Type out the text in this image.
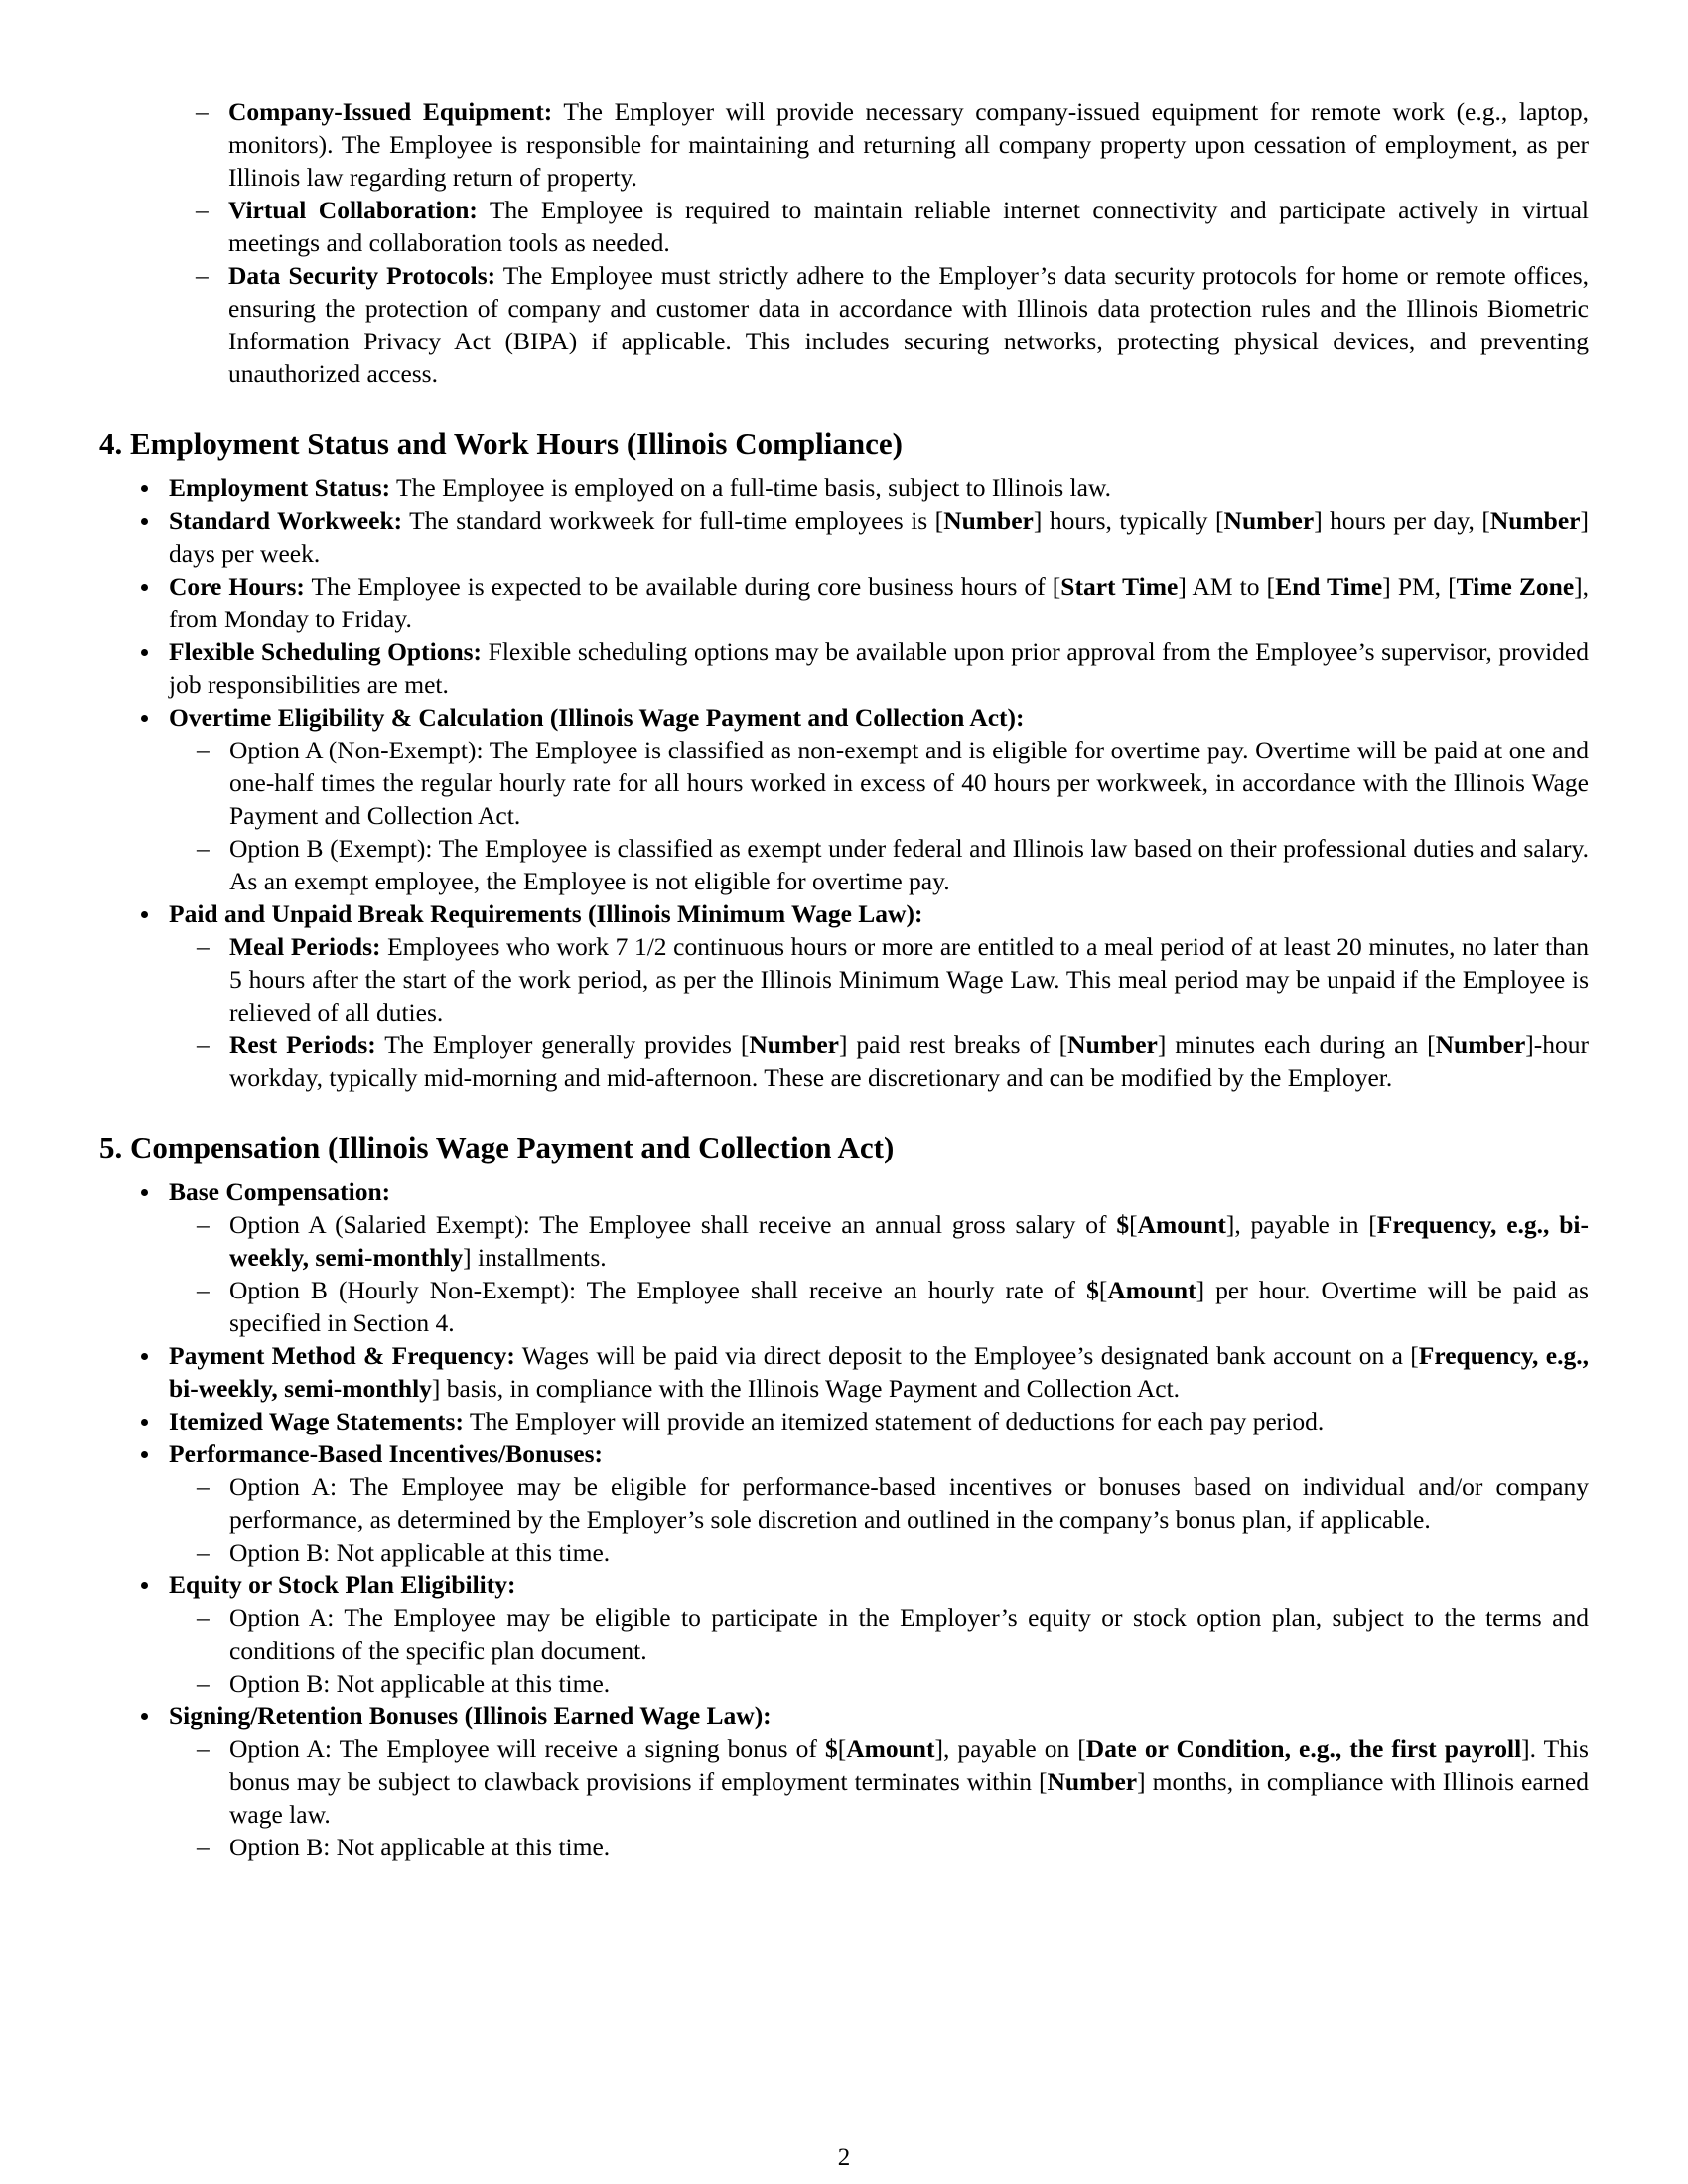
– Company-Issued Equipment: The Employer will provide necessary company-issued equipment for remote work (e.g., laptop, monitors). The Employee is responsible for maintaining and returning all company property upon cessation of employment, as per Illinois law regarding return of property.
– Virtual Collaboration: The Employee is required to maintain reliable internet connectivity and participate actively in virtual meetings and collaboration tools as needed.
– Data Security Protocols: The Employee must strictly adhere to the Employer’s data security protocols for home or remote offices, ensuring the protection of company and customer data in accordance with Illinois data protection rules and the Illinois Biometric Information Privacy Act (BIPA) if applicable. This includes securing networks, protecting physical devices, and preventing unauthorized access.
4. Employment Status and Work Hours (Illinois Compliance)
Employment Status: The Employee is employed on a full-time basis, subject to Illinois law.
Standard Workweek: The standard workweek for full-time employees is [Number] hours, typically [Number] hours per day, [Number] days per week.
Core Hours: The Employee is expected to be available during core business hours of [Start Time] AM to [End Time] PM, [Time Zone], from Monday to Friday.
Flexible Scheduling Options: Flexible scheduling options may be available upon prior approval from the Employee’s supervisor, provided job responsibilities are met.
Overtime Eligibility & Calculation (Illinois Wage Payment and Collection Act):
– Option A (Non-Exempt): The Employee is classified as non-exempt and is eligible for overtime pay. Overtime will be paid at one and one-half times the regular hourly rate for all hours worked in excess of 40 hours per workweek, in accordance with the Illinois Wage Payment and Collection Act.
– Option B (Exempt): The Employee is classified as exempt under federal and Illinois law based on their professional duties and salary. As an exempt employee, the Employee is not eligible for overtime pay.
Paid and Unpaid Break Requirements (Illinois Minimum Wage Law):
– Meal Periods: Employees who work 7 1/2 continuous hours or more are entitled to a meal period of at least 20 minutes, no later than 5 hours after the start of the work period, as per the Illinois Minimum Wage Law. This meal period may be unpaid if the Employee is relieved of all duties.
– Rest Periods: The Employer generally provides [Number] paid rest breaks of [Number] minutes each during an [Number]-hour workday, typically mid-morning and mid-afternoon. These are discretionary and can be modified by the Employer.
5. Compensation (Illinois Wage Payment and Collection Act)
Base Compensation:
– Option A (Salaried Exempt): The Employee shall receive an annual gross salary of $[Amount], payable in [Frequency, e.g., bi-weekly, semi-monthly] installments.
– Option B (Hourly Non-Exempt): The Employee shall receive an hourly rate of $[Amount] per hour. Overtime will be paid as specified in Section 4.
Payment Method & Frequency: Wages will be paid via direct deposit to the Employee’s designated bank account on a [Frequency, e.g., bi-weekly, semi-monthly] basis, in compliance with the Illinois Wage Payment and Collection Act.
Itemized Wage Statements: The Employer will provide an itemized statement of deductions for each pay period.
Performance-Based Incentives/Bonuses:
– Option A: The Employee may be eligible for performance-based incentives or bonuses based on individual and/or company performance, as determined by the Employer’s sole discretion and outlined in the company’s bonus plan, if applicable.
– Option B: Not applicable at this time.
Equity or Stock Plan Eligibility:
– Option A: The Employee may be eligible to participate in the Employer’s equity or stock option plan, subject to the terms and conditions of the specific plan document.
– Option B: Not applicable at this time.
Signing/Retention Bonuses (Illinois Earned Wage Law):
– Option A: The Employee will receive a signing bonus of $[Amount], payable on [Date or Condition, e.g., the first payroll]. This bonus may be subject to clawback provisions if employment terminates within [Number] months, in compliance with Illinois earned wage law.
– Option B: Not applicable at this time.
2
